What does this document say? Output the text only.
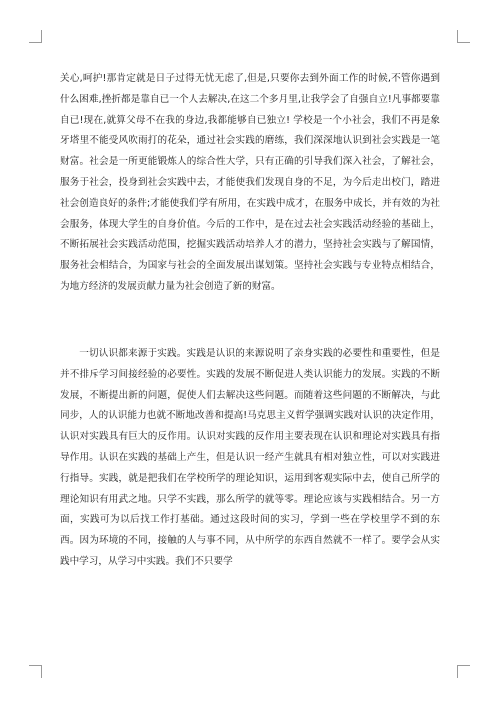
关心,呵护!那肯定就是日子过得无忧无虑了,但是,只要你去到外面工作的时候,不管你遇到什么困难,挫折都是靠自已一个人去解决,在这二个多月里,让我学会了自强自立!凡事都要靠自已!现在,就算父母不在我的身边,我都能够自已独立! 学校是一个小社会，我们不再是象牙塔里不能受风吹雨打的花朵，通过社会实践的磨练，我们深深地认识到社会实践是一笔财富。社会是一所更能锻炼人的综合性大学，只有正确的引导我们深入社会，了解社会，服务于社会，投身到社会实践中去，才能使我们发现自身的不足，为今后走出校门，踏进社会创造良好的条件;才能使我们学有所用，在实践中成才，在服务中成长，并有效的为社会服务，体现大学生的自身价值。今后的工作中，是在过去社会实践活动经验的基础上，不断拓展社会实践活动范围，挖掘实践活动培养人才的潜力，坚持社会实践与了解国情，服务社会相结合，为国家与社会的全面发展出谋划策。坚持社会实践与专业特点相结合，为地方经济的发展贡献力量为社会创造了新的财富。

一切认识都来源于实践。实践是认识的来源说明了亲身实践的必要性和重要性，但是并不排斥学习间接经验的必要性。实践的发展不断促进人类认识能力的发展。实践的不断发展，不断提出新的问题，促使人们去解决这些问题。而随着这些问题的不断解决，与此同步，人的认识能力也就不断地改善和提高!马克思主义哲学强调实践对认识的决定作用，认识对实践具有巨大的反作用。认识对实践的反作用主要表现在认识和理论对实践具有指导作用。认识在实践的基础上产生，但是认识一经产生就具有相对独立性，可以对实践进行指导。实践，就是把我们在学校所学的理论知识，运用到客观实际中去，使自己所学的理论知识有用武之地。只学不实践，那么所学的就等零。理论应该与实践相结合。另一方面，实践可为以后找工作打基础。通过这段时间的实习，学到一些在学校里学不到的东西。因为环境的不同，接触的人与事不同，从中所学的东西自然就不一样了。要学会从实践中学习，从学习中实践。我们不只要学
